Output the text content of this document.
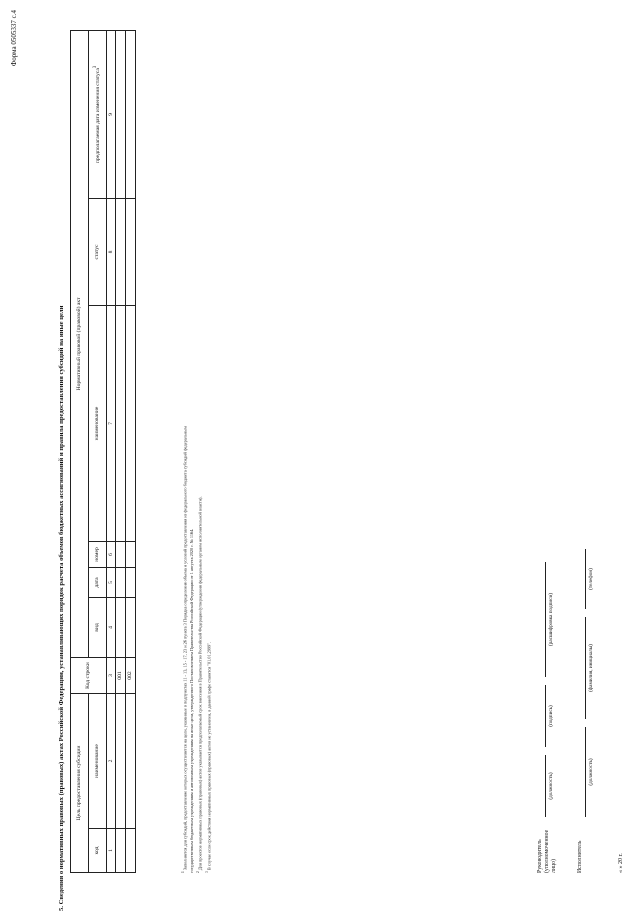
Форма 0505337 с.4
5. Сведения о нормативных правовых (правовых) актах Российской Федерации, устанавливающих порядок расчета объемов бюджетных ассигнований и правила предоставления субсидий на иные цели Цель предоставления субсидии		Код строки	Нормативный правовой (правовой) акт					
код	наименование		вид	дата	номер	наименование	статус	предполагаемая дата изменения статуса$^3$
1	2	3	4	5	6	7	8	9
		001						
		002						
$^1$ Заполняется для субсидий, предоставление которых осуществляется на цели, указанные в подпунктах 11 - 13, 15 - 17, 23 и 26 пункта 3 Порядка определения объема и условий предоставления из федерального бюджета субсидий федеральным государственным бюджетным учреждениям и автономным учреждениям на иные цели, утвержденного Постановлением Правительства Российской Федерации от 1 августа 2020 г. № 1164. $^2$ Для проектов нормативных правовых (правовых) актов указывается предполагаемый срок внесения в Правительство Российской Федерации (утверждения федеральным органом исполнительной власти).
$^3$ В случае если срок действия нормативных правовых (правовых) актов не установлен, в данной графе ставится "01.01.2999".	Руководитель (уполномоченное лицо)
(должность)
(подпись)
(расшифровка подписи)
Исполнитель
(должность)
(фамилия, инициалы)
(телефон)
« » 20 г.
